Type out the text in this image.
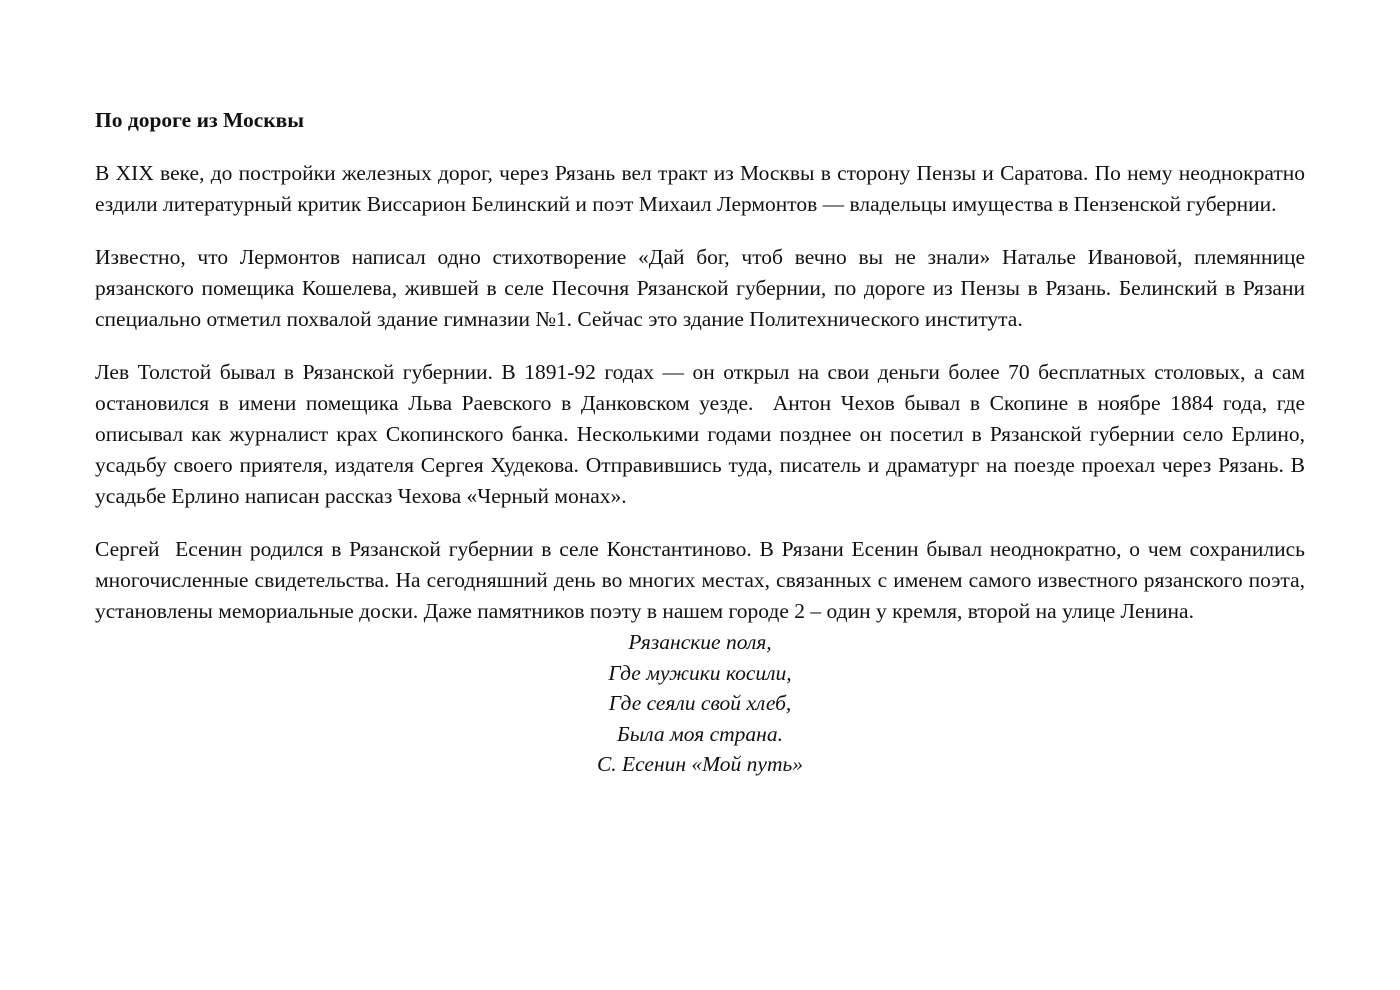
По дороге из Москвы

В XIX веке, до постройки железных дорог, через Рязань вел тракт из Москвы в сторону Пензы и Саратова. По нему неоднократно ездили литературный критик Виссарион Белинский и поэт Михаил Лермонтов — владельцы имущества в Пензенской губернии.

Известно, что Лермонтов написал одно стихотворение «Дай бог, чтоб вечно вы не знали» Наталье Ивановой, племяннице рязанского помещика Кошелева, жившей в селе Песочня Рязанской губернии, по дороге из Пензы в Рязань. Белинский в Рязани специально отметил похвалой здание гимназии №1. Сейчас это здание Политехнического института.

Лев Толстой бывал в Рязанской губернии. В 1891-92 годах — он открыл на свои деньги более 70 бесплатных столовых, а сам остановился в имени помещика Льва Раевского в Данковском уезде.  Антон Чехов бывал в Скопине в ноябре 1884 года, где описывал как журналист крах Скопинского банка. Несколькими годами позднее он посетил в Рязанской губернии село Ерлино, усадьбу своего приятеля, издателя Сергея Худекова. Отправившись туда, писатель и драматург на поезде проехал через Рязань. В усадьбе Ерлино написан рассказ Чехова «Черный монах».

Сергей  Есенин родился в Рязанской губернии в селе Константиново. В Рязани Есенин бывал неоднократно, о чем сохранились многочисленные свидетельства. На сегодняшний день во многих местах, связанных с именем самого известного рязанского поэта, установлены мемориальные доски. Даже памятников поэту в нашем городе 2 – один у кремля, второй на улице Ленина.

Рязанские поля,
Где мужики косили,
Где сеяли свой хлеб,
Была моя страна.
С. Есенин «Мой путь»
